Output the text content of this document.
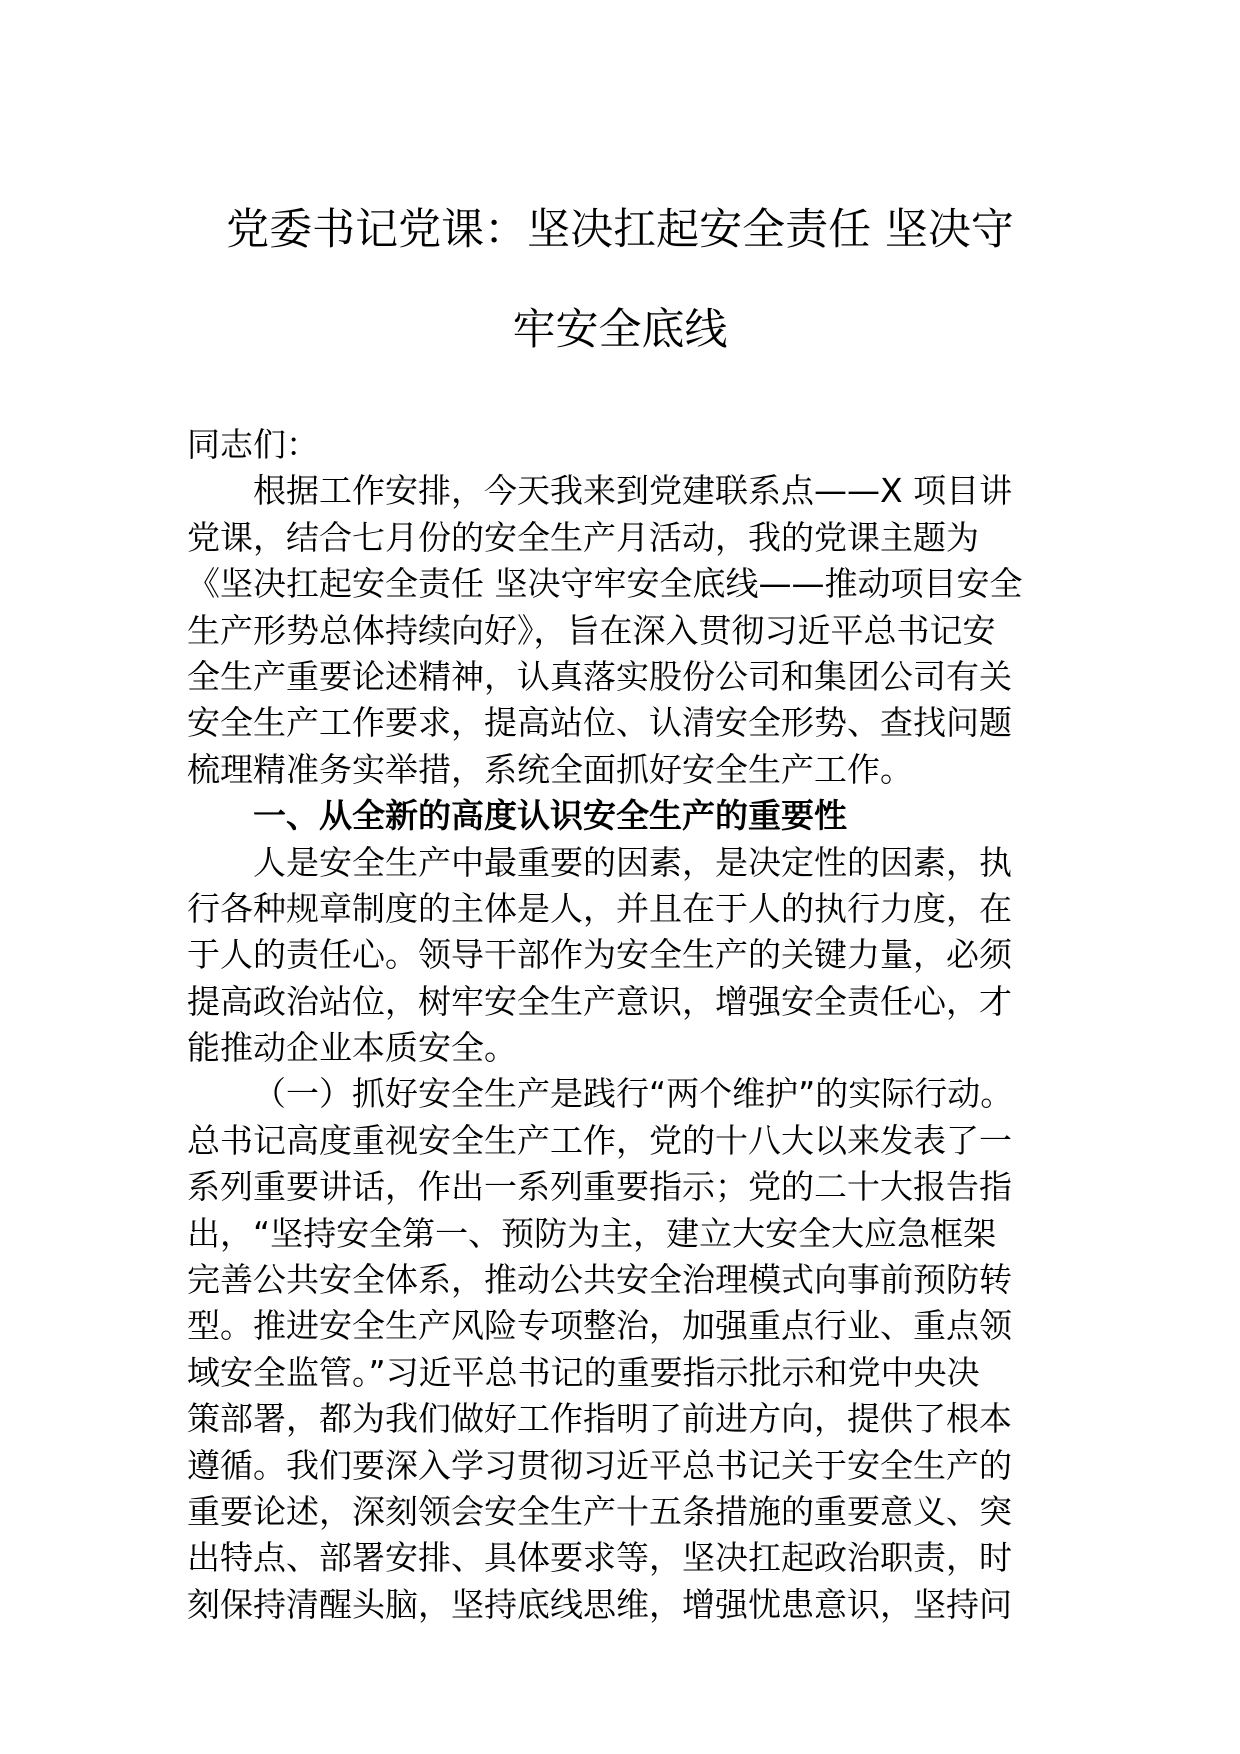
党委书记党课：坚决扛起安全责任 坚决守
牢安全底线
同志们：
根据工作安排，今天我来到党建联系点——X 项目讲
党课，结合七月份的安全生产月活动，我的党课主题为
《坚决扛起安全责任 坚决守牢安全底线——推动项目安全
生产形势总体持续向好》，旨在深入贯彻习近平总书记安
全生产重要论述精神，认真落实股份公司和集团公司有关
安全生产工作要求，提高站位、认清安全形势、查找问题
梳理精准务实举措，系统全面抓好安全生产工作。
一、从全新的高度认识安全生产的重要性
人是安全生产中最重要的因素，是决定性的因素，执
行各种规章制度的主体是人，并且在于人的执行力度，在
于人的责任心。领导干部作为安全生产的关键力量，必须
提高政治站位，树牢安全生产意识，增强安全责任心，才
能推动企业本质安全。
（一）抓好安全生产是践行“两个维护”的实际行动。
总书记高度重视安全生产工作，党的十八大以来发表了一
系列重要讲话，作出一系列重要指示；党的二十大报告指
出，“坚持安全第一、预防为主，建立大安全大应急框架
完善公共安全体系，推动公共安全治理模式向事前预防转
型。推进安全生产风险专项整治，加强重点行业、重点领
域安全监管。”习近平总书记的重要指示批示和党中央决
策部署，都为我们做好工作指明了前进方向，提供了根本
遵循。我们要深入学习贯彻习近平总书记关于安全生产的
重要论述，深刻领会安全生产十五条措施的重要意义、突
出特点、部署安排、具体要求等，坚决扛起政治职责，时
刻保持清醒头脑，坚持底线思维，增强忧患意识，坚持问
